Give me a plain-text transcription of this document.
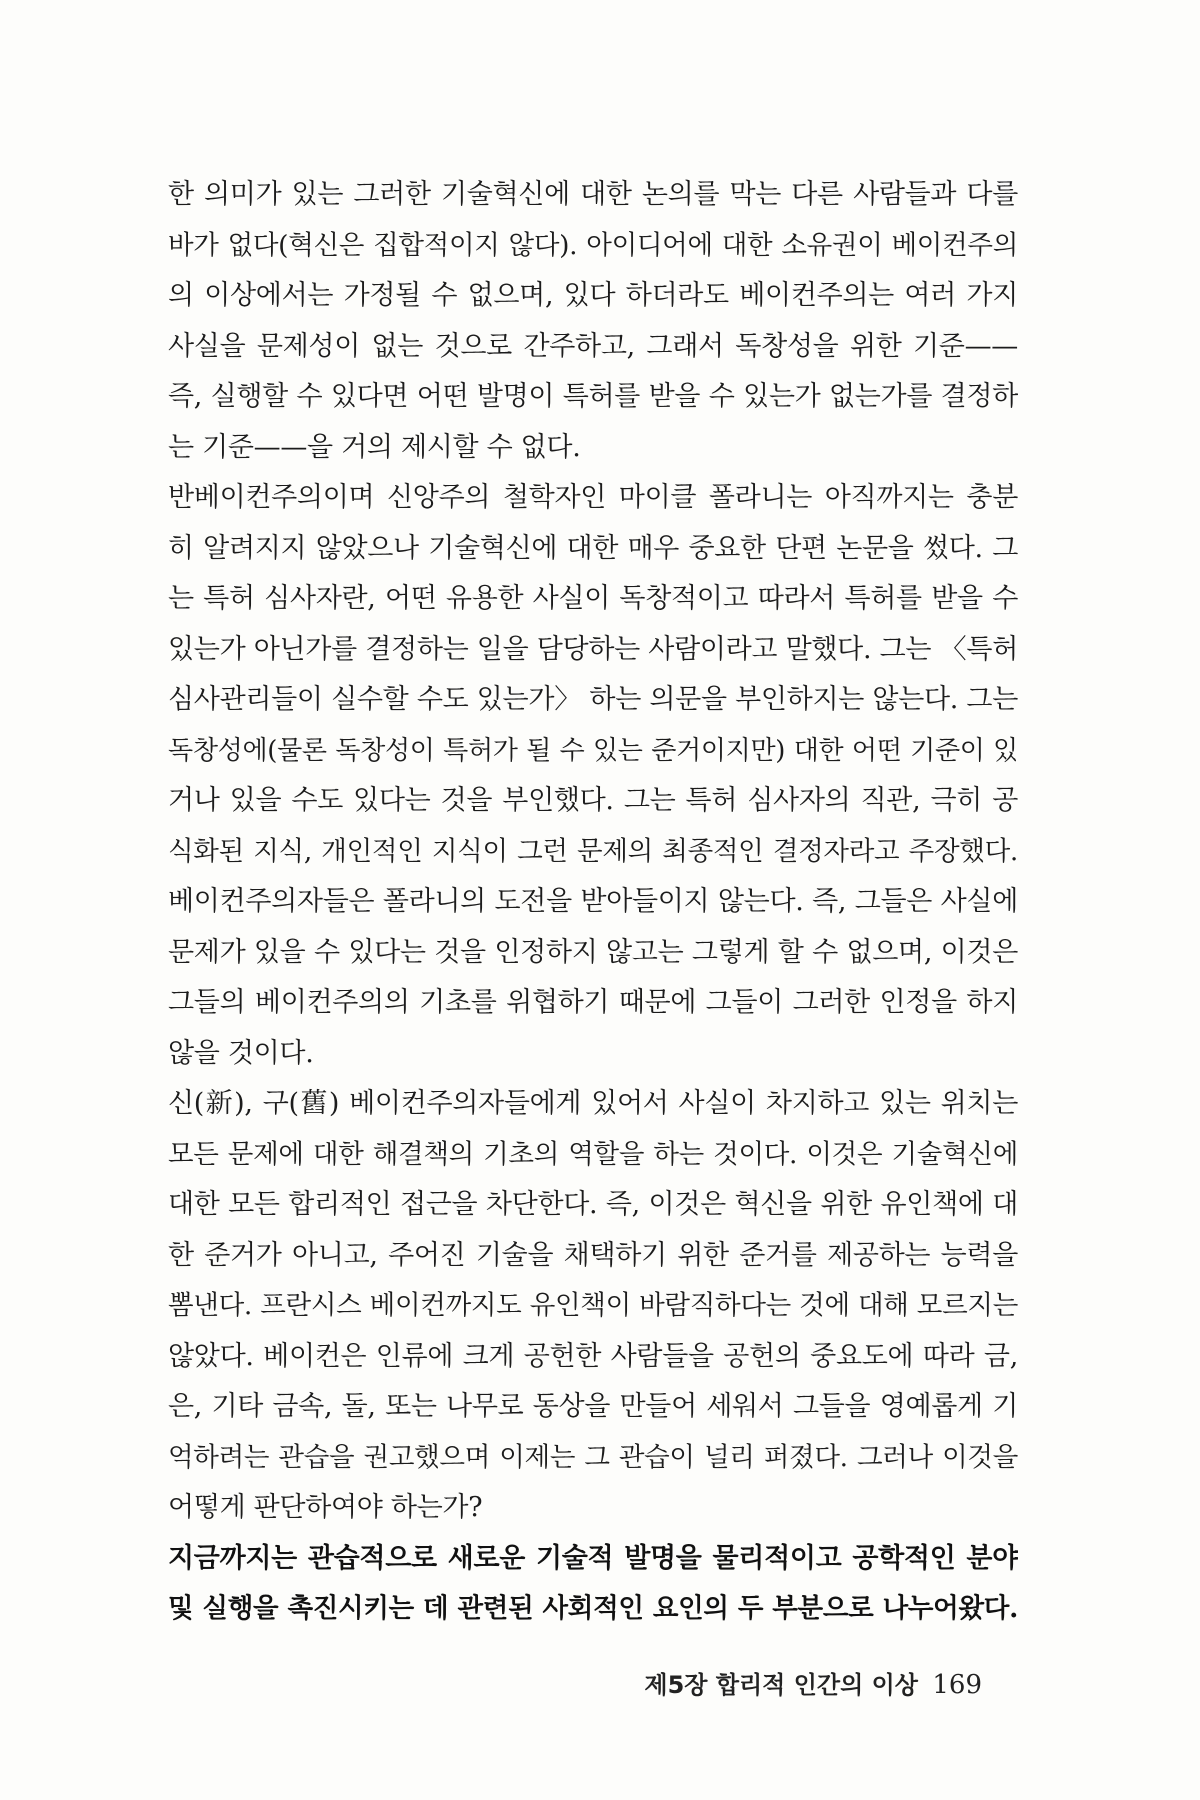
한 의미가 있는 그러한 기술혁신에 대한 논의를 막는 다른 사람들과 다를
바가 없다(혁신은 집합적이지 않다). 아이디어에 대한 소유권이 베이컨주의
의 이상에서는 가정될 수 없으며, 있다 하더라도 베이컨주의는 여러 가지
사실을 문제성이 없는 것으로 간주하고, 그래서 독창성을 위한 기준——
즉, 실행할 수 있다면 어떤 발명이 특허를 받을 수 있는가 없는가를 결정하
는 기준——을 거의 제시할 수 없다.
반베이컨주의이며 신앙주의 철학자인 마이클 폴라니는 아직까지는 충분
히 알려지지 않았으나 기술혁신에 대한 매우 중요한 단편 논문을 썼다. 그
는 특허 심사자란, 어떤 유용한 사실이 독창적이고 따라서 특허를 받을 수
있는가 아닌가를 결정하는 일을 담당하는 사람이라고 말했다. 그는 〈특허
심사관리들이 실수할 수도 있는가〉 하는 의문을 부인하지는 않는다. 그는
독창성에(물론 독창성이 특허가 될 수 있는 준거이지만) 대한 어떤 기준이 있
거나 있을 수도 있다는 것을 부인했다. 그는 특허 심사자의 직관, 극히 공
식화된 지식, 개인적인 지식이 그런 문제의 최종적인 결정자라고 주장했다.
베이컨주의자들은 폴라니의 도전을 받아들이지 않는다. 즉, 그들은 사실에
문제가 있을 수 있다는 것을 인정하지 않고는 그렇게 할 수 없으며, 이것은
그들의 베이컨주의의 기초를 위협하기 때문에 그들이 그러한 인정을 하지
않을 것이다.
신(新), 구(舊) 베이컨주의자들에게 있어서 사실이 차지하고 있는 위치는
모든 문제에 대한 해결책의 기초의 역할을 하는 것이다. 이것은 기술혁신에
대한 모든 합리적인 접근을 차단한다. 즉, 이것은 혁신을 위한 유인책에 대
한 준거가 아니고, 주어진 기술을 채택하기 위한 준거를 제공하는 능력을
뽐낸다. 프란시스 베이컨까지도 유인책이 바람직하다는 것에 대해 모르지는
않았다. 베이컨은 인류에 크게 공헌한 사람들을 공헌의 중요도에 따라 금,
은, 기타 금속, 돌, 또는 나무로 동상을 만들어 세워서 그들을 영예롭게 기
억하려는 관습을 권고했으며 이제는 그 관습이 널리 퍼졌다. 그러나 이것을
어떻게 판단하여야 하는가?
지금까지는 관습적으로 새로운 기술적 발명을 물리적이고 공학적인 분야
및 실행을 촉진시키는 데 관련된 사회적인 요인의 두 부분으로 나누어왔다.
제5장 합리적 인간의 이상 169
